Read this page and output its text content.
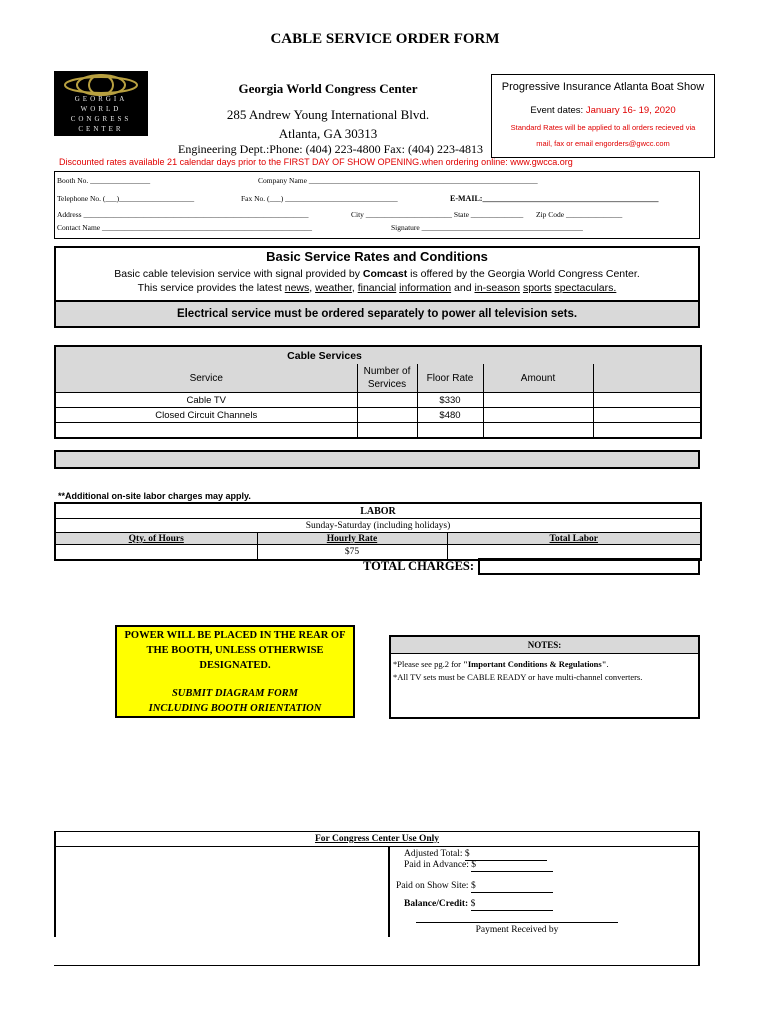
CABLE SERVICE ORDER FORM
GEORGIA
WORLD
CONGRESS
CENTER
Georgia World Congress Center
285 Andrew Young International Blvd.
Atlanta, GA 30313
Engineering Dept.:Phone: (404) 223-4800 Fax: (404) 223-4813
Progressive Insurance Atlanta Boat Show
Event dates: January 16- 19, 2020
Standard Rates will be applied to all orders recieved via
mail, fax or email engorders@gwcc.com
Discounted rates available 21 calendar days prior to the FIRST DAY OF SHOW OPENING.when ordering online: www.gwcca.org
Booth No. ________________	Company Name _____________________________________________________________
Telephone No. (___)____________________	Fax No. (___) ______________________________	E-MAIL:____________________________________________
Address ____________________________________________________________	City _______________________ State ______________ Zip Code _______________
Contact Name ________________________________________________________	Signature ___________________________________________
Basic Service Rates and Conditions
Basic cable television service with signal provided by Comcast is offered by the Georgia World Congress Center.
This service provides the latest news, weather, financial information and in-season sports spectaculars.
Electrical service must be ordered separately to power all television sets.
Cable Services				
Service	Number of Services	Floor Rate	Amount	
Cable TV		$330		
Closed Circuit Channels		$480		

**Additional on-site labor charges may apply.
LABOR		
Sunday-Saturday (including holidays)		
Qty. of Hours	Hourly Rate	Total Labor
	$75	
TOTAL CHARGES:
POWER WILL BE PLACED IN THE REAR OF
THE BOOTH, UNLESS OTHERWISE
DESIGNATED.
SUBMIT DIAGRAM FORM
INCLUDING BOOTH ORIENTATION
NOTES:
*Please see pg.2 for "Important Conditions & Regulations".
*All TV sets must be CABLE READY or have multi-channel converters.
For Congress Center Use Only
Adjusted Total: $
Paid in Advance: $
Paid on Show Site: $
Balance/Credit: $
Payment Received by
